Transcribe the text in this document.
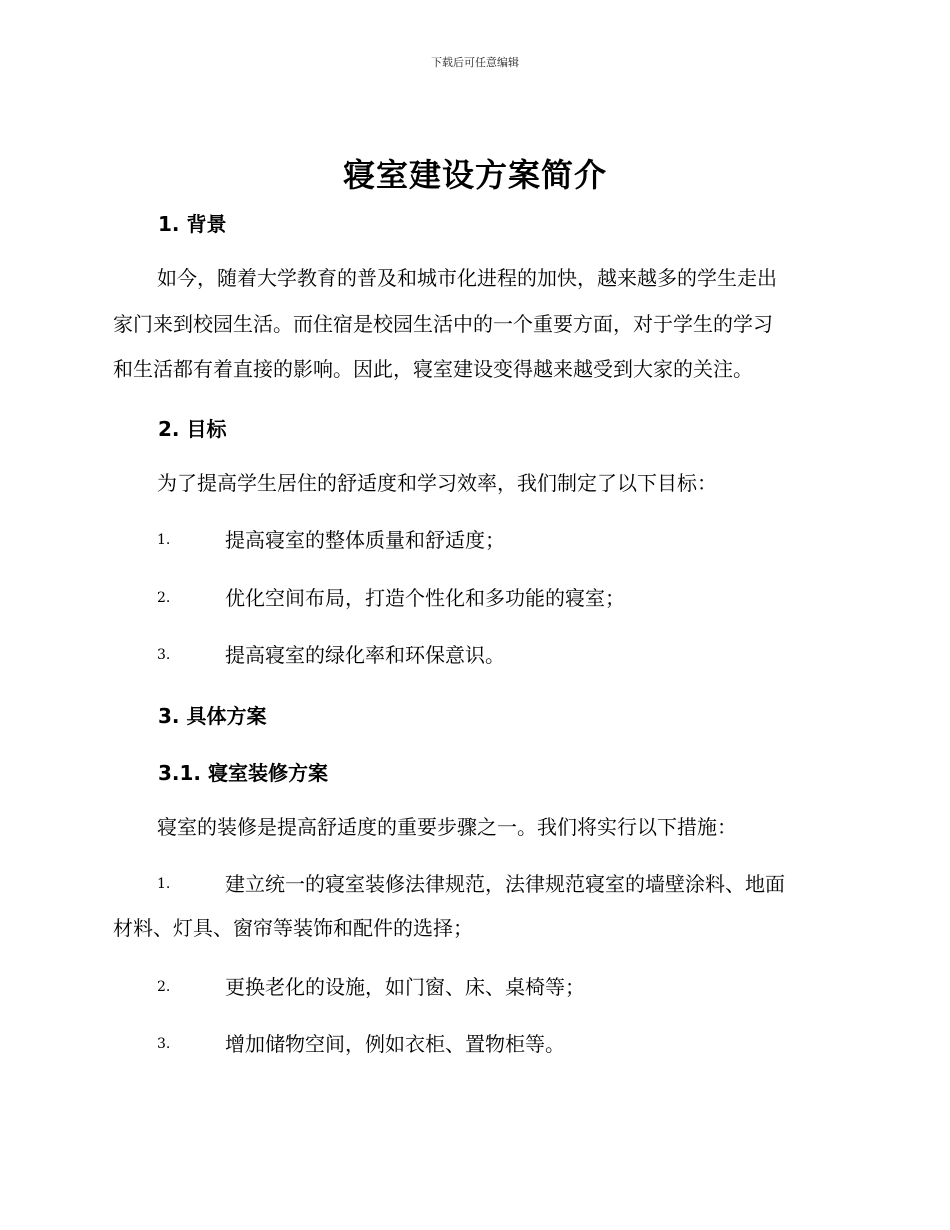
下载后可任意编辑
寝室建设方案简介
1. 背景
如今，随着大学教育的普及和城市化进程的加快，越来越多的学生走出
家门来到校园生活。而住宿是校园生活中的一个重要方面，对于学生的学习
和生活都有着直接的影响。因此，寝室建设变得越来越受到大家的关注。
2. 目标
为了提高学生居住的舒适度和学习效率，我们制定了以下目标：
1.	提高寝室的整体质量和舒适度；
2.	优化空间布局，打造个性化和多功能的寝室；
3.	提高寝室的绿化率和环保意识。
3. 具体方案
3.1. 寝室装修方案
寝室的装修是提高舒适度的重要步骤之一。我们将实行以下措施：
1.	建立统一的寝室装修法律规范，法律规范寝室的墙壁涂料、地面
材料、灯具、窗帘等装饰和配件的选择；
2.	更换老化的设施，如门窗、床、桌椅等；
3.	增加储物空间，例如衣柜、置物柜等。
